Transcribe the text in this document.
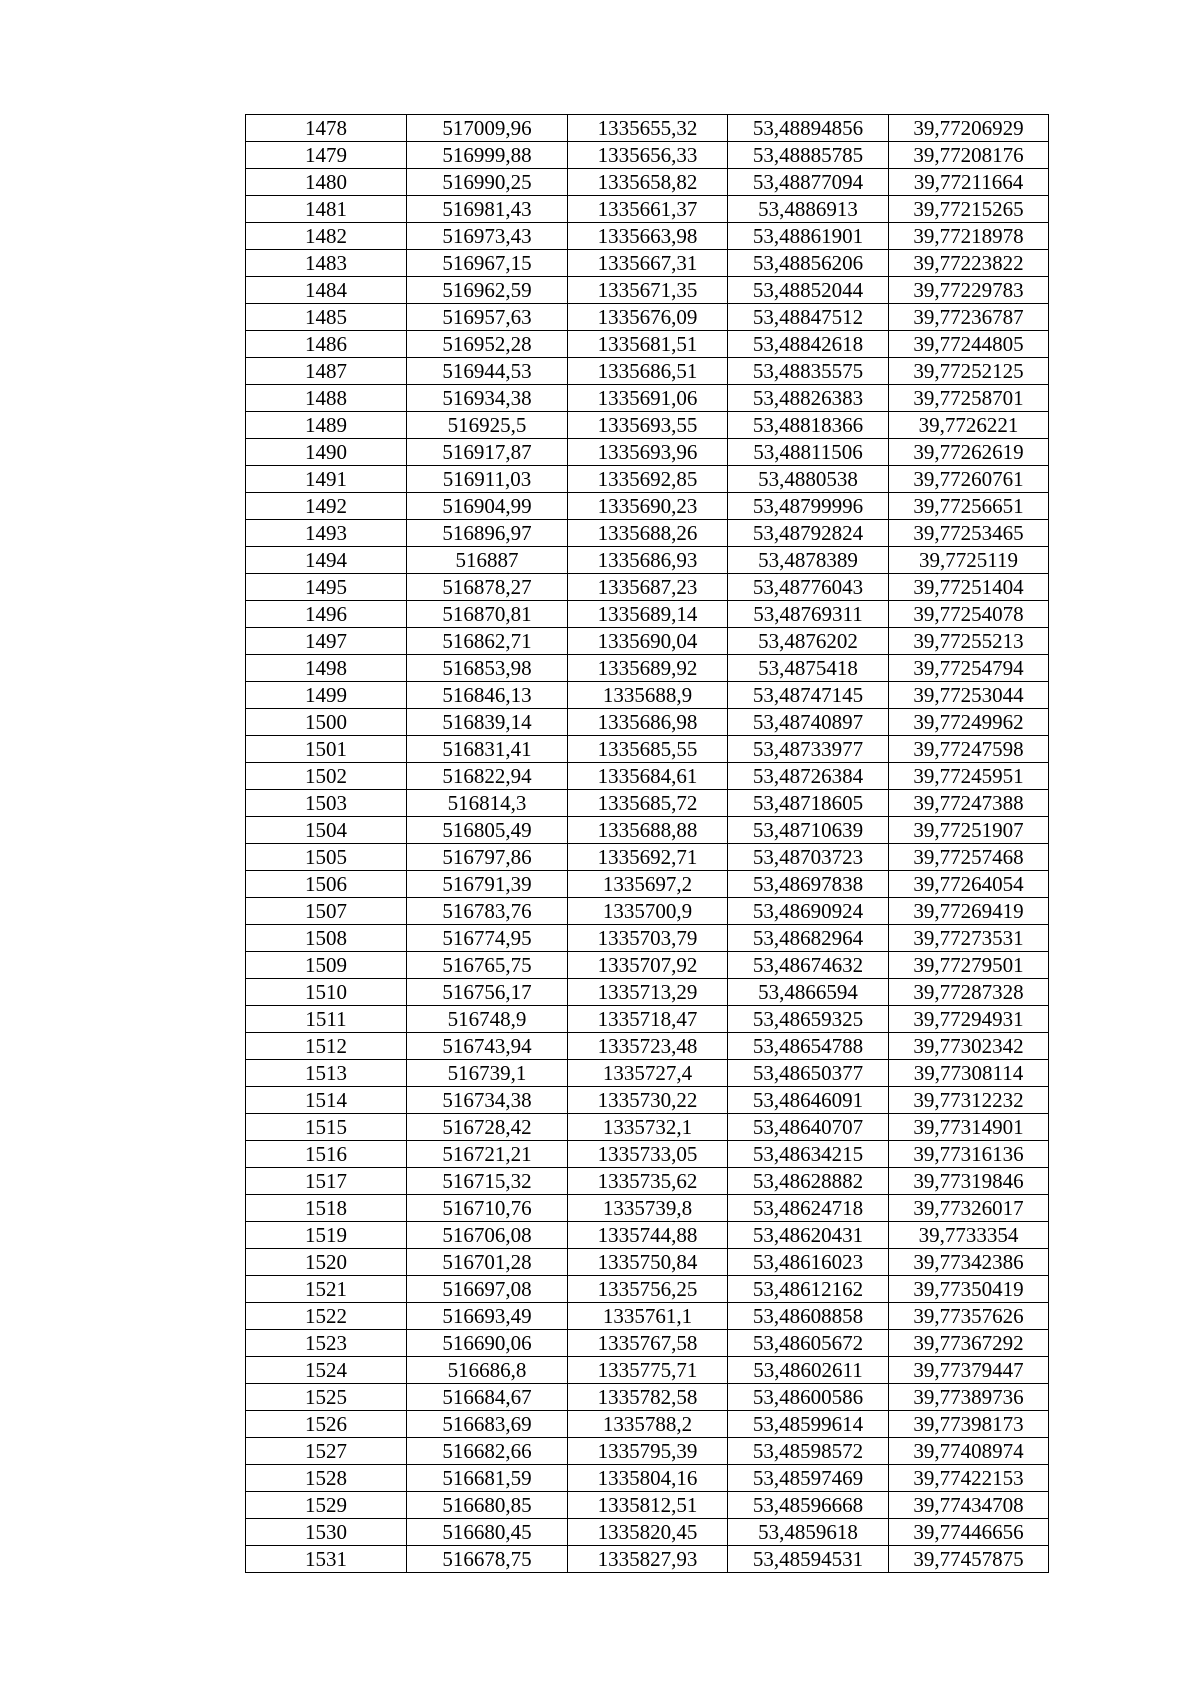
1478	517009,96	1335655,32	53,48894856	39,77206929
1479	516999,88	1335656,33	53,48885785	39,77208176
1480	516990,25	1335658,82	53,48877094	39,77211664
1481	516981,43	1335661,37	53,4886913	39,77215265
1482	516973,43	1335663,98	53,48861901	39,77218978
1483	516967,15	1335667,31	53,48856206	39,77223822
1484	516962,59	1335671,35	53,48852044	39,77229783
1485	516957,63	1335676,09	53,48847512	39,77236787
1486	516952,28	1335681,51	53,48842618	39,77244805
1487	516944,53	1335686,51	53,48835575	39,77252125
1488	516934,38	1335691,06	53,48826383	39,77258701
1489	516925,5	1335693,55	53,48818366	39,7726221
1490	516917,87	1335693,96	53,48811506	39,77262619
1491	516911,03	1335692,85	53,4880538	39,77260761
1492	516904,99	1335690,23	53,48799996	39,77256651
1493	516896,97	1335688,26	53,48792824	39,77253465
1494	516887	1335686,93	53,4878389	39,7725119
1495	516878,27	1335687,23	53,48776043	39,77251404
1496	516870,81	1335689,14	53,48769311	39,77254078
1497	516862,71	1335690,04	53,4876202	39,77255213
1498	516853,98	1335689,92	53,4875418	39,77254794
1499	516846,13	1335688,9	53,48747145	39,77253044
1500	516839,14	1335686,98	53,48740897	39,77249962
1501	516831,41	1335685,55	53,48733977	39,77247598
1502	516822,94	1335684,61	53,48726384	39,77245951
1503	516814,3	1335685,72	53,48718605	39,77247388
1504	516805,49	1335688,88	53,48710639	39,77251907
1505	516797,86	1335692,71	53,48703723	39,77257468
1506	516791,39	1335697,2	53,48697838	39,77264054
1507	516783,76	1335700,9	53,48690924	39,77269419
1508	516774,95	1335703,79	53,48682964	39,77273531
1509	516765,75	1335707,92	53,48674632	39,77279501
1510	516756,17	1335713,29	53,4866594	39,77287328
1511	516748,9	1335718,47	53,48659325	39,77294931
1512	516743,94	1335723,48	53,48654788	39,77302342
1513	516739,1	1335727,4	53,48650377	39,77308114
1514	516734,38	1335730,22	53,48646091	39,77312232
1515	516728,42	1335732,1	53,48640707	39,77314901
1516	516721,21	1335733,05	53,48634215	39,77316136
1517	516715,32	1335735,62	53,48628882	39,77319846
1518	516710,76	1335739,8	53,48624718	39,77326017
1519	516706,08	1335744,88	53,48620431	39,7733354
1520	516701,28	1335750,84	53,48616023	39,77342386
1521	516697,08	1335756,25	53,48612162	39,77350419
1522	516693,49	1335761,1	53,48608858	39,77357626
1523	516690,06	1335767,58	53,48605672	39,77367292
1524	516686,8	1335775,71	53,48602611	39,77379447
1525	516684,67	1335782,58	53,48600586	39,77389736
1526	516683,69	1335788,2	53,48599614	39,77398173
1527	516682,66	1335795,39	53,48598572	39,77408974
1528	516681,59	1335804,16	53,48597469	39,77422153
1529	516680,85	1335812,51	53,48596668	39,77434708
1530	516680,45	1335820,45	53,4859618	39,77446656
1531	516678,75	1335827,93	53,48594531	39,77457875
